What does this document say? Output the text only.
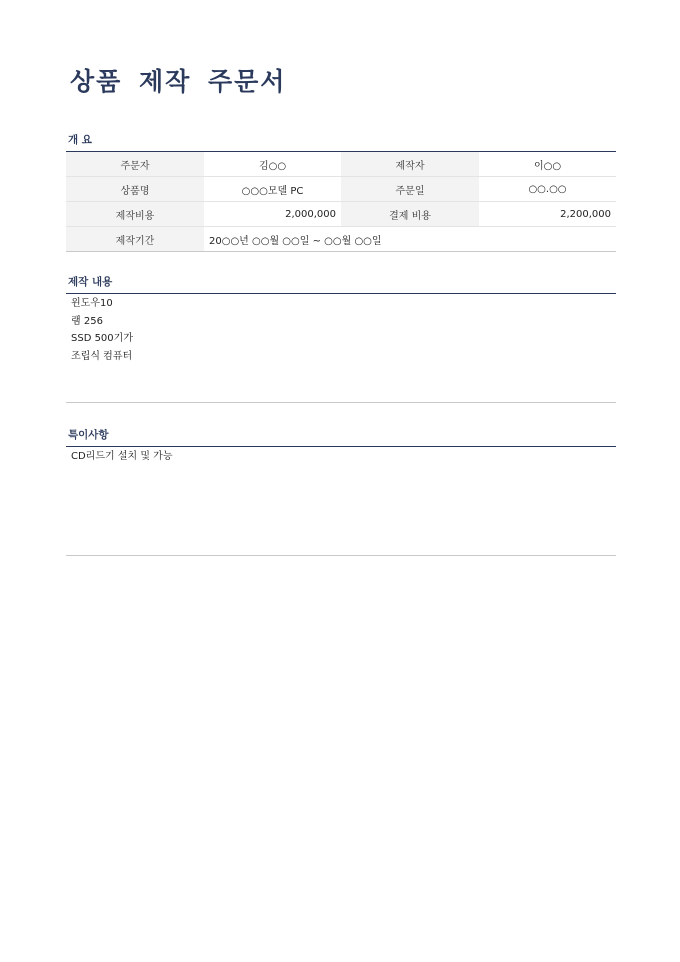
상품 제작 주문서
개 요
주문자	김○○	제작자	이○○
상품명	○○○모델 PC	주문일	○○.○○
제작비용	2,000,000	결제 비용	2,200,000
제작기간	20○○년 ○○월 ○○일 ~ ○○월 ○○일		
제작 내용
윈도우10
램 256
SSD 500기가
조립식 컴퓨터
특이사항
CD리드기 설치 및 가능
